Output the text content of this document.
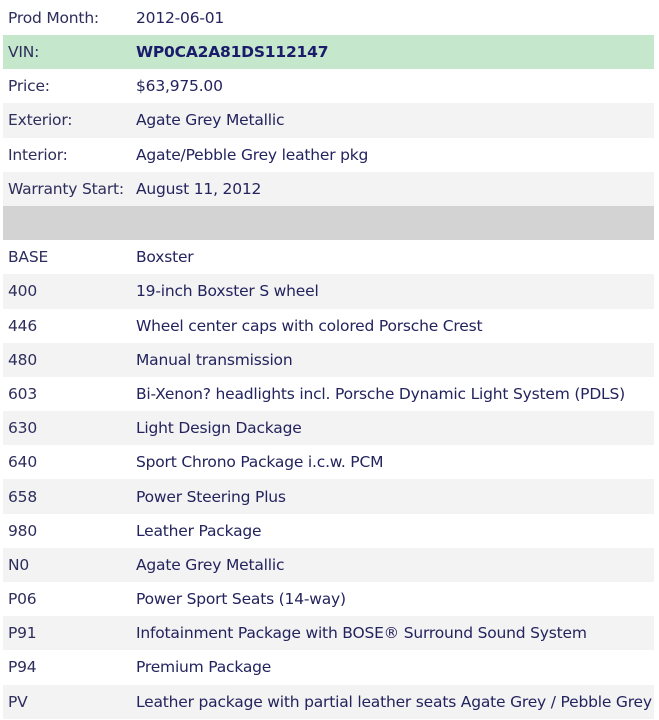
Prod Month:	2012-06-01
VIN:	WP0CA2A81DS112147
Price:	$63,975.00
Exterior:	Agate Grey Metallic
Interior:	Agate/Pebble Grey leather pkg
Warranty Start: August 11, 2012
BASE	Boxster
400	19-inch Boxster S wheel
446	Wheel center caps with colored Porsche Crest
480	Manual transmission
603	Bi-Xenon? headlights incl. Porsche Dynamic Light System (PDLS)
630	Light Design Dackage
640	Sport Chrono Package i.c.w. PCM
658	Power Steering Plus
980	Leather Package
N0	Agate Grey Metallic
P06	Power Sport Seats (14-way)
P91	Infotainment Package with BOSE® Surround Sound System
P94	Premium Package
PV	Leather package with partial leather seats Agate Grey / Pebble Grey
